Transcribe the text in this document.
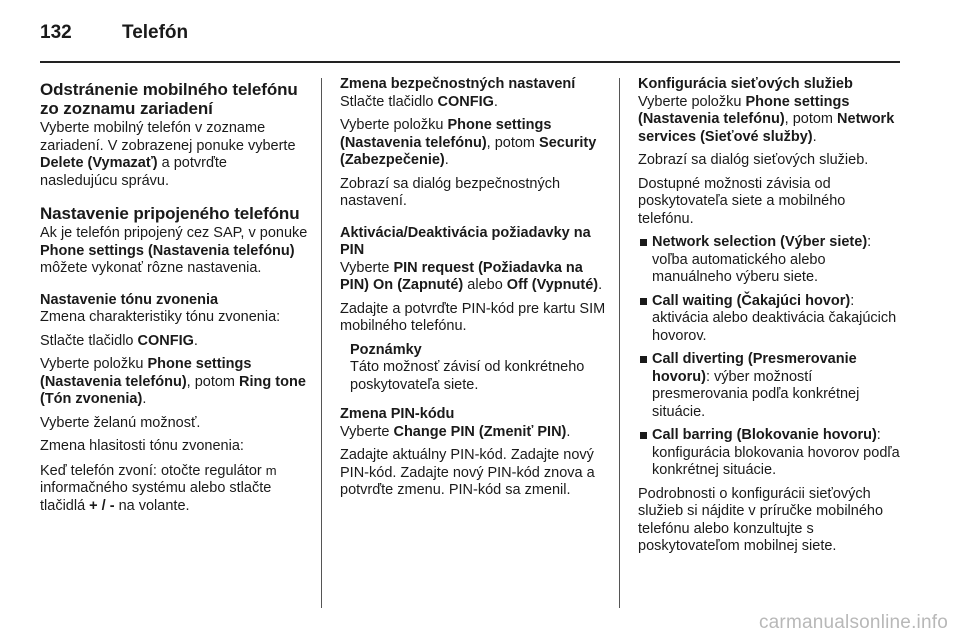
132	Telefón
Odstránenie mobilného telefónu zo zoznamu zariadení

Vyberte mobilný telefón v zozname zariadení. V zobrazenej ponuke vyberte Delete (Vymazať) a potvrďte nasledujúcu správu.

Nastavenie pripojeného telefónu

Ak je telefón pripojený cez SAP, v ponuke Phone settings (Nastavenia telefónu) môžete vykonať rôzne nastavenia.

Nastavenie tónu zvonenia

Zmena charakteristiky tónu zvonenia:

Stlačte tlačidlo CONFIG.

Vyberte položku Phone settings (Nastavenia telefónu), potom Ring tone (Tón zvonenia).

Vyberte želanú možnosť.

Zmena hlasitosti tónu zvonenia:

Keď telefón zvoní: otočte regulátor m informačného systému alebo stlačte tlačidlá + / - na volante.

Zmena bezpečnostných nastavení

Stlačte tlačidlo CONFIG.

Vyberte položku Phone settings (Nastavenia telefónu), potom Security (Zabezpečenie).

Zobrazí sa dialóg bezpečnostných nastavení.

Aktivácia/Deaktivácia požiadavky na PIN

Vyberte PIN request (Požiadavka na PIN) On (Zapnuté) alebo Off (Vypnuté).

Zadajte a potvrďte PIN-kód pre kartu SIM mobilného telefónu.

Poznámky
Táto možnosť závisí od konkrétneho poskytovateľa siete.
Zmena PIN-kódu

Vyberte Change PIN (Zmeniť PIN).

Zadajte aktuálny PIN-kód. Zadajte nový PIN-kód. Zadajte nový PIN-kód znova a potvrďte zmenu. PIN-kód sa zmenil.

Konfigurácia sieťových služieb

Vyberte položku Phone settings (Nastavenia telefónu), potom Network services (Sieťové služby).

Zobrazí sa dialóg sieťových služieb.

Dostupné možnosti závisia od poskytovateľa siete a mobilného telefónu.

Network selection (Výber siete): voľba automatického alebo manuálneho výberu siete.
Call waiting (Čakajúci hovor): aktivácia alebo deaktivácia čakajúcich hovorov.
Call diverting (Presmerovanie hovoru): výber možností presmerovania podľa konkrétnej situácie.
Call barring (Blokovanie hovoru): konfigurácia blokovania hovorov podľa konkrétnej situácie.

Podrobnosti o konfigurácii sieťových služieb si nájdite v príručke mobilného telefónu alebo konzultujte s poskytovateľom mobilnej siete.

carmanualsonline.info
